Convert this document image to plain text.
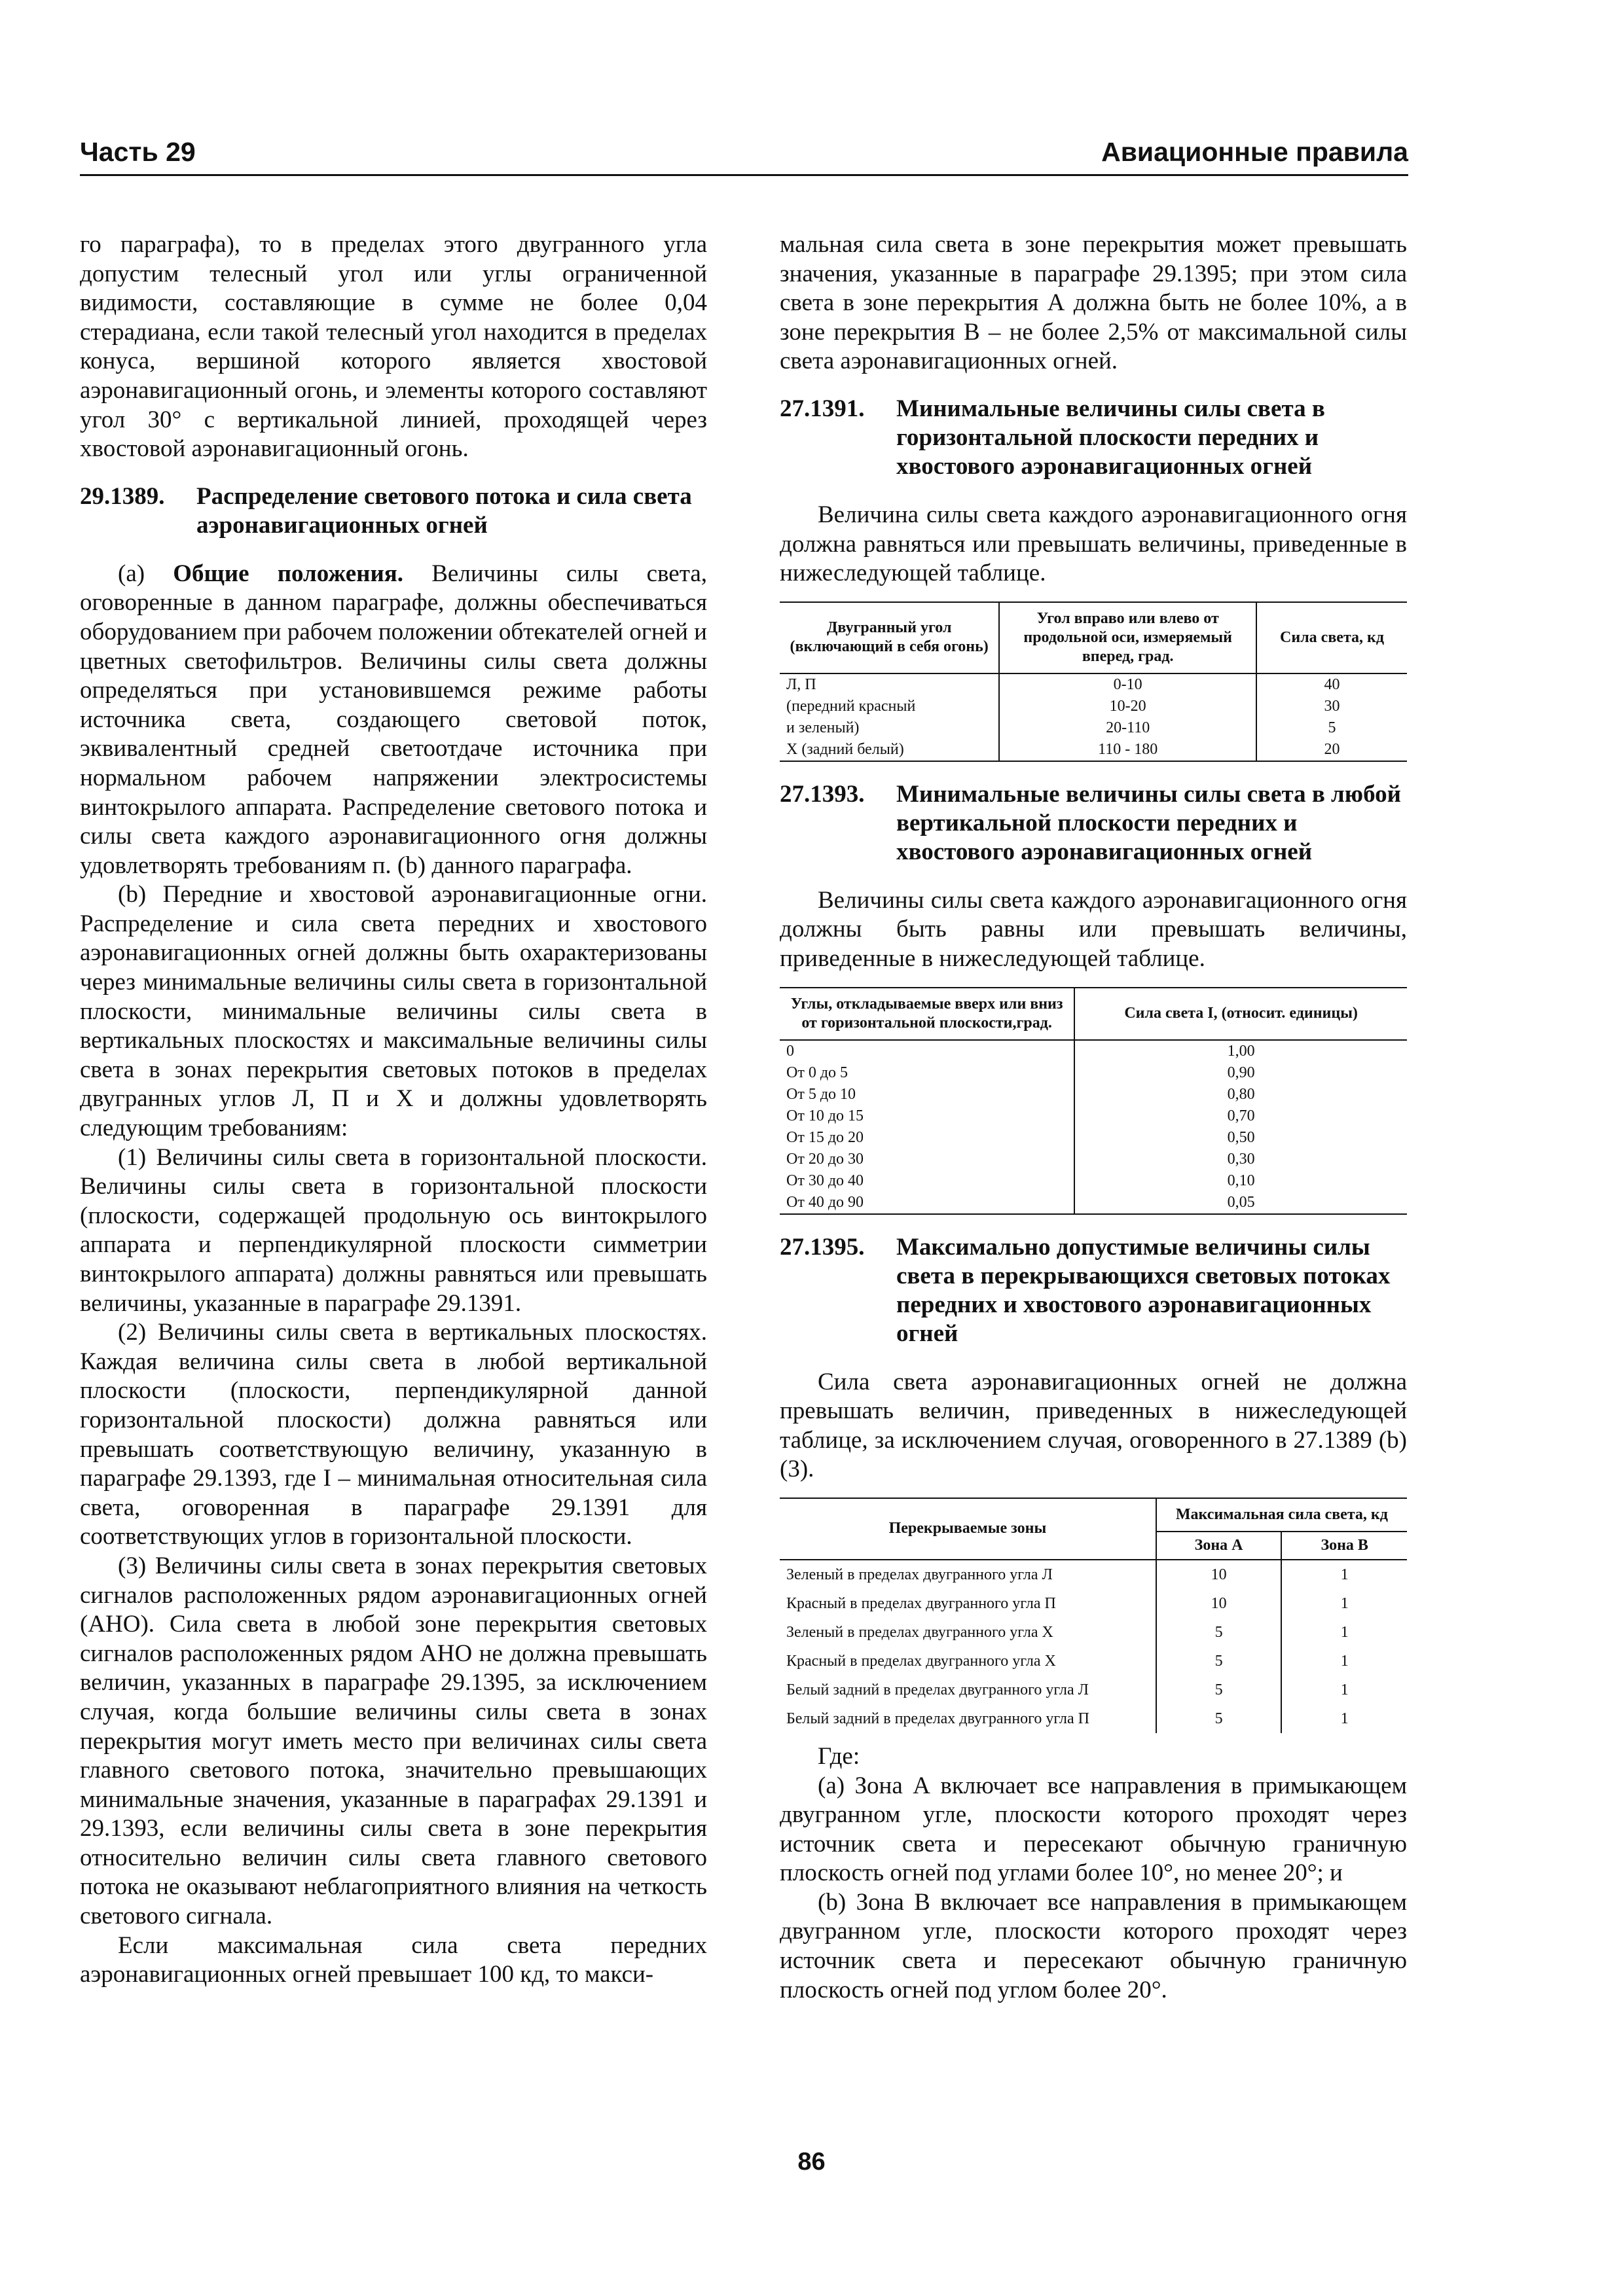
Часть 29	Авиационные правила

го параграфа), то в пределах этого двугранного угла допустим телесный угол или углы ограниченной видимости, составляющие в сумме не более 0,04 стерадиана, если такой телесный угол находится в пределах конуса, вершиной которого является хвостовой аэронавигационный огонь, и элементы которого составляют угол 30° с вертикальной линией, проходящей через хвостовой аэронавигационный огонь.

29.1389.	Распределение светового потока и сила света аэронавигационных огней

(a) Общие положения. Величины силы света, оговоренные в данном параграфе, должны обеспечиваться оборудованием при рабочем положении обтекателей огней и цветных светофильтров. Величины силы света должны определяться при установившемся режиме работы источника света, создающего световой поток, эквивалентный средней светоотдаче источника при нормальном рабочем напряжении электросистемы винтокрылого аппарата. Распределение светового потока и силы света каждого аэронавигационного огня должны удовлетворять требованиям п. (b) данного параграфа.

(b) Передние и хвостовой аэронавигационные огни. Распределение и сила света передних и хвостового аэронавигационных огней должны быть охарактеризованы через минимальные величины силы света в горизонтальной плоскости, минимальные величины силы света в вертикальных плоскостях и максимальные величины силы света в зонах перекрытия световых потоков в пределах двугранных углов Л, П и Х и должны удовлетворять следующим требованиям:

(1) Величины силы света в горизонтальной плоскости. Величины силы света в горизонтальной плоскости (плоскости, содержащей продольную ось винтокрылого аппарата и перпендикулярной плоскости симметрии винтокрылого аппарата) должны равняться или превышать величины, указанные в параграфе 29.1391.

(2) Величины силы света в вертикальных плоскостях. Каждая величина силы света в любой вертикальной плоскости (плоскости, перпендикулярной данной горизонтальной плоскости) должна равняться или превышать соответствующую величину, указанную в параграфе 29.1393, где I – минимальная относительная сила света, оговоренная в параграфе 29.1391 для соответствующих углов в горизонтальной плоскости.

(3) Величины силы света в зонах перекрытия световых сигналов расположенных рядом аэронавигационных огней (АНО). Сила света в любой зоне перекрытия световых сигналов расположенных рядом АНО не должна превышать величин, указанных в параграфе 29.1395, за исключением случая, когда большие величины силы света в зонах перекрытия могут иметь место при величинах силы света главного светового потока, значительно превышающих минимальные значения, указанные в параграфах 29.1391 и 29.1393, если величины силы света в зоне перекрытия относительно величин силы света главного светового потока не оказывают неблагоприятного влияния на четкость светового сигнала.

Если максимальная сила света передних аэронавигационных огней превышает 100 кд, то макси-

мальная сила света в зоне перекрытия может превышать значения, указанные в параграфе 29.1395; при этом сила света в зоне перекрытия А должна быть не более 10%, а в зоне перекрытия В – не более 2,5% от максимальной силы света аэронавигационных огней.

27.1391.	Минимальные величины силы света в горизонтальной плоскости передних и хвостового аэронавигационных огней

Величина силы света каждого аэронавигационного огня должна равняться или превышать величины, приведенные в нижеследующей таблице.

Двугранный угол (включающий в себя огонь)	Угол вправо или влево от продольной оси, измеряемый вперед, град.	Сила света, кд
Л, П	0-10	40
(передний красный	10-20	30
и зеленый)	20-110	5
Х (задний белый)	110 - 180	20
27.1393.	Минимальные величины силы света в любой вертикальной плоскости передних и хвостового аэронавигационных огней

Величины силы света каждого аэронавигационного огня должны быть равны или превышать величины, приведенные в нижеследующей таблице.

Углы, откладываемые вверх или вниз от горизонтальной плоскости,град.	Сила света I, (относит. единицы)
0	1,00
От 0 до 5	0,90
От 5 до 10	0,80
От 10 до 15	0,70
От 15 до 20	0,50
От 20 до 30	0,30
От 30 до 40	0,10
От 40 до 90	0,05
27.1395.	Максимально допустимые величины силы света в перекрывающихся световых потоках передних и хвостового аэронавигационных огней

Сила света аэронавигационных огней не должна превышать величин, приведенных в нижеследующей таблице, за исключением случая, оговоренного в 27.1389 (b)(3).

Перекрываемые зоны	Максимальная сила света, кд	
	Зона А	Зона В
Зеленый в пределах двугранного угла Л	10	1
Красный в пределах двугранного угла П	10	1
Зеленый в пределах двугранного угла Х	5	1
Красный в пределах двугранного угла Х	5	1
Белый задний в пределах двугранного угла Л	5	1
Белый задний в пределах двугранного угла П	5	1

Где:

(a) Зона А включает все направления в примыкающем двугранном угле, плоскости которого проходят через источник света и пересекают обычную граничную плоскость огней под углами более 10°, но менее 20°; и

(b) Зона В включает все направления в примыкающем двугранном угле, плоскости которого проходят через источник света и пересекают обычную граничную плоскость огней под углом более 20°.

86
